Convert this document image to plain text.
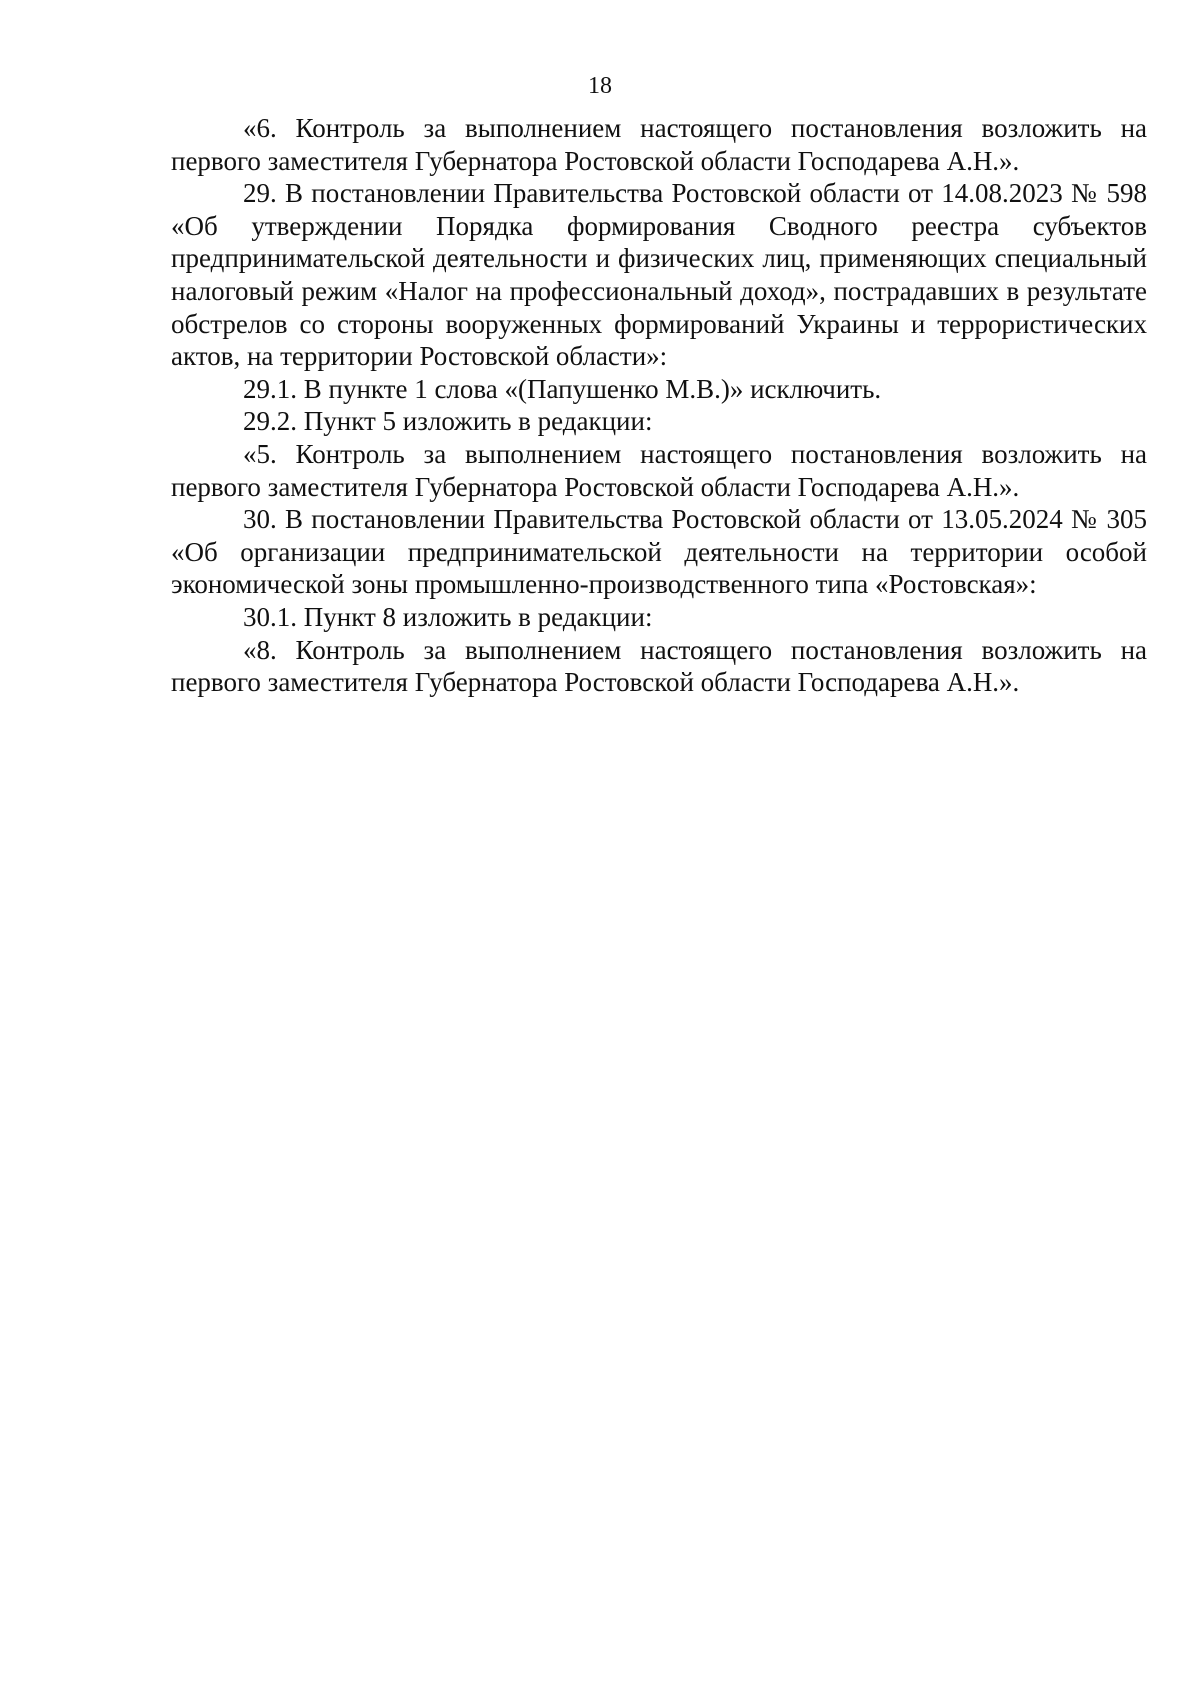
18

«6. Контроль за выполнением настоящего постановления возложить на первого заместителя Губернатора Ростовской области Господарева А.Н.».

29. В постановлении Правительства Ростовской области от 14.08.2023 № 598 «Об утверждении Порядка формирования Сводного реестра субъектов предпринимательской деятельности и физических лиц, применяющих специальный налоговый режим «Налог на профессиональный доход», пострадавших в результате обстрелов со стороны вооруженных формирований Украины и террористических актов, на территории Ростовской области»:

29.1. В пункте 1 слова «(Папушенко М.В.)» исключить.

29.2. Пункт 5 изложить в редакции:

«5. Контроль за выполнением настоящего постановления возложить на первого заместителя Губернатора Ростовской области Господарева А.Н.».

30. В постановлении Правительства Ростовской области от 13.05.2024 № 305 «Об организации предпринимательской деятельности на территории особой экономической зоны промышленно-производственного типа «Ростовская»:

30.1. Пункт 8 изложить в редакции:

«8. Контроль за выполнением настоящего постановления возложить на первого заместителя Губернатора Ростовской области Господарева А.Н.».
